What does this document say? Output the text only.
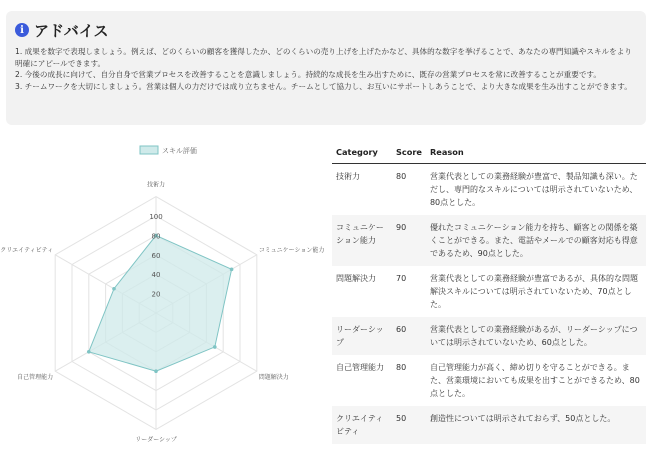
i アドバイス
1. 成果を数字で表現しましょう。例えば、どのくらいの顧客を獲得したか、どのくらいの売り上げを上げたかなど、具体的な数字を挙げることで、あなたの専門知識やスキルをより明確にアピールできます。
2. 今後の成長に向けて、自分自身で営業プロセスを改善することを意識しましょう。持続的な成長を生み出すために、既存の営業プロセスを常に改善することが重要です。
3. チームワークを大切にしましょう。営業は個人の力だけでは成り立ちません。チームとして協力し、お互いにサポートしあうことで、より大きな成果を生み出すことができます。
スキル評価
20
40
60
80
100
技術力
コミュニケーション能力
問題解決力
リーダーシップ
自己管理能力
クリエイティビティ
Category	Score	Reason
技術力	80	営業代表としての業務経験が豊富で、製品知識も深い。ただし、専門的なスキルについては明示されていないため、80点とした。
コミュニケーション能力	90	優れたコミュニケーション能力を持ち、顧客との関係を築くことができる。また、電話やメールでの顧客対応も得意であるため、90点とした。
問題解決力	70	営業代表としての業務経験が豊富であるが、具体的な問題解決スキルについては明示されていないため、70点とした。
リーダーシップ	60	営業代表としての業務経験があるが、リーダーシップについては明示されていないため、60点とした。
自己管理能力	80	自己管理能力が高く、締め切りを守ることができる。また、営業環境においても成果を出すことができるため、80点とした。
クリエイティビティ	50	創造性については明示されておらず、50点とした。
